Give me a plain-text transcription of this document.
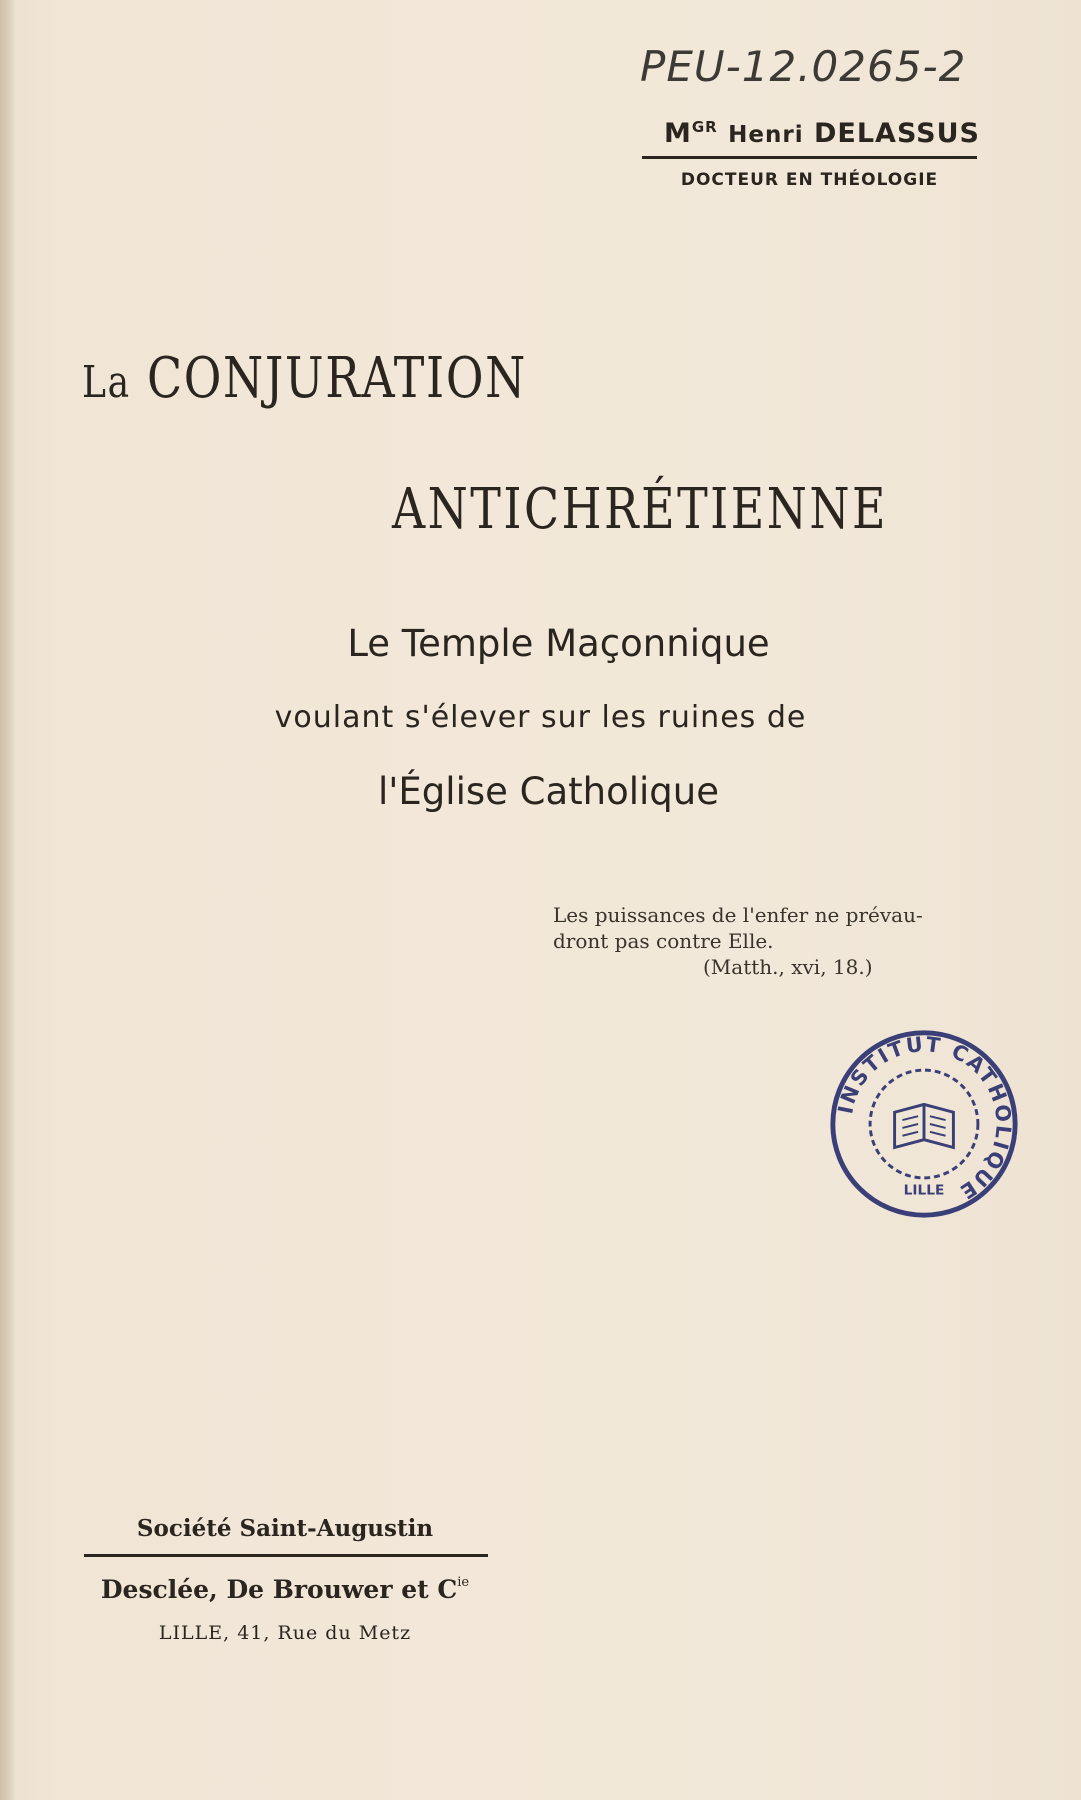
PEU-12.0265-2
$M^{GR}$ Henri DELASSUS
DOCTEUR EN THÉOLOGIE
La CONJURATION
ANTICHRÉTIENNE
Le Temple Maçonnique
voulant s'élever sur les ruines de
l'Église Catholique
Les puissances de l'enfer ne prévau-
dront pas contre Elle.
(Matth., xvi, 18.)
INSTITUT CATHOLIQUE
LILLE
Société Saint-Augustin
Desclée, De Brouwer et $C^{ie}$
LILLE, 41, Rue du Metz
